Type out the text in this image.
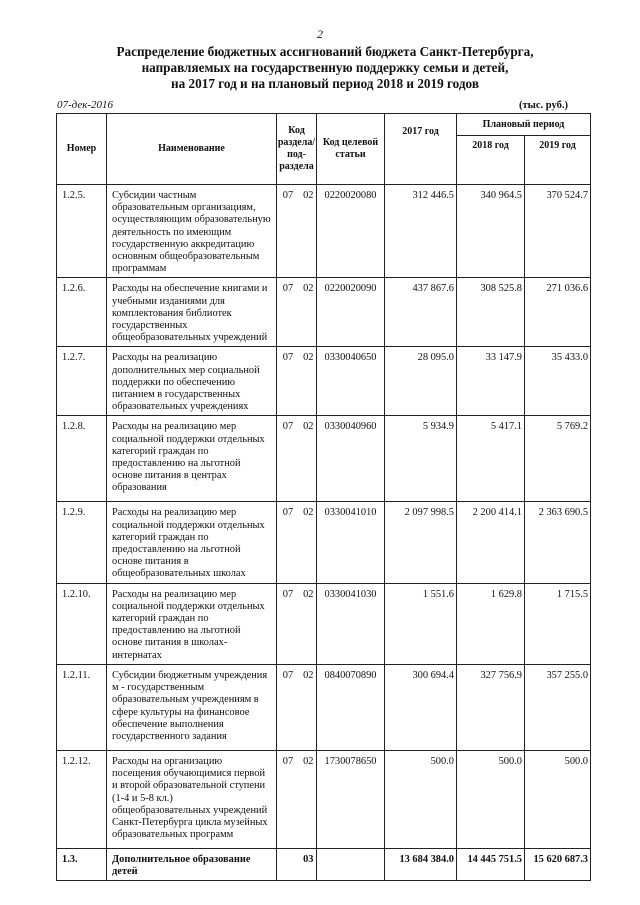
2
Распределение бюджетных ассигнований бюджета Санкт-Петербурга,
направляемых на государственную поддержку семьи и детей,
на 2017 год и на плановый период 2018 и 2019 годов
07-дек-2016	(тыс. руб.)
Номер	Наименование	Код раздела/ под-раздела	Код целевой статьи	2017 год	Плановый период	
					2018 год	2019 год
1.2.5.	Субсидии частным образовательным организациям, осуществляющим образовательную деятельность по имеющим государственную аккредитацию основным общеобразовательным программам	07 02	0220020080	312 446.5	340 964.5	370 524.7
1.2.6.	Расходы на обеспечение книгами и учебными изданиями для комплектования библиотек государственных общеобразовательных учреждений	07 02	0220020090	437 867.6	308 525.8	271 036.6
1.2.7.	Расходы на реализацию дополнительных мер социальной поддержки по обеспечению питанием в государственных образовательных учреждениях	07 02	0330040650	28 095.0	33 147.9	35 433.0
1.2.8.	Расходы на реализацию мер социальной поддержки отдельных категорий граждан по предоставлению на льготной основе питания в центрах образования	07 02	0330040960	5 934.9	5 417.1	5 769.2
1.2.9.	Расходы на реализацию мер социальной поддержки отдельных категорий граждан по предоставлению на льготной основе питания в общеобразовательных школах	07 02	0330041010	2 097 998.5	2 200 414.1	2 363 690.5
1.2.10.	Расходы на реализацию мер социальной поддержки отдельных категорий граждан по предоставлению на льготной основе питания в школах-интернатах	07 02	0330041030	1 551.6	1 629.8	1 715.5
1.2.11.	Субсидии бюджетным учреждения м - государственным образовательным учреждениям в сфере культуры на финансовое обеспечение выполнения государственного задания	07 02	0840070890	300 694.4	327 756.9	357 255.0
1.2.12.	Расходы на организацию посещения обучающимися первой и второй образовательной ступени (1-4 и 5-8 кл.) общеобразовательных учреждений Санкт-Петербурга цикла музейных образовательных программ	07 02	1730078650	500.0	500.0	500.0
1.3.	Дополнительное образование детей	03		13 684 384.0	14 445 751.5	15 620 687.3
